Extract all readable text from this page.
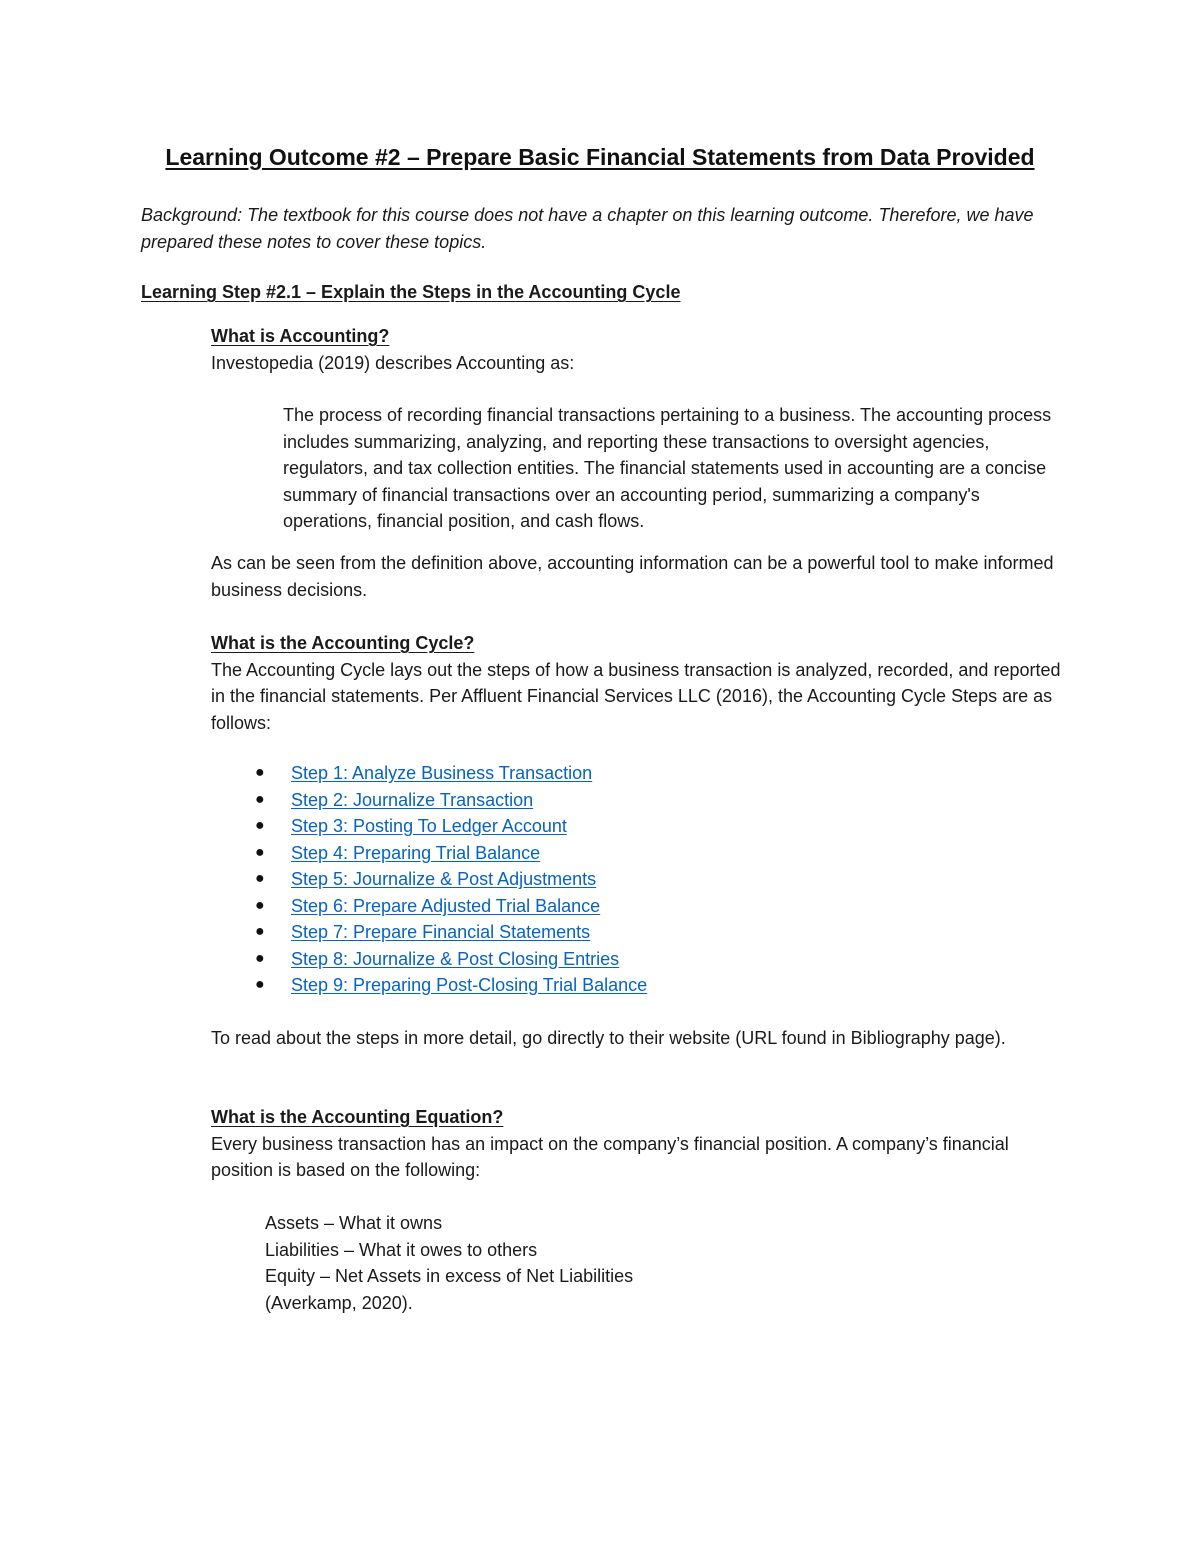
Learning Outcome #2 – Prepare Basic Financial Statements from Data Provided
Background: The textbook for this course does not have a chapter on this learning outcome. Therefore, we have prepared these notes to cover these topics.
Learning Step #2.1 – Explain the Steps in the Accounting Cycle
What is Accounting?
Investopedia (2019) describes Accounting as:
The process of recording financial transactions pertaining to a business. The accounting process includes summarizing, analyzing, and reporting these transactions to oversight agencies, regulators, and tax collection entities. The financial statements used in accounting are a concise summary of financial transactions over an accounting period, summarizing a company's operations, financial position, and cash flows.
As can be seen from the definition above, accounting information can be a powerful tool to make informed business decisions.
What is the Accounting Cycle?
The Accounting Cycle lays out the steps of how a business transaction is analyzed, recorded, and reported in the financial statements. Per Affluent Financial Services LLC (2016), the Accounting Cycle Steps are as follows:
● Step 1: Analyze Business Transaction
● Step 2: Journalize Transaction
● Step 3: Posting To Ledger Account
● Step 4: Preparing Trial Balance
● Step 5: Journalize & Post Adjustments
● Step 6: Prepare Adjusted Trial Balance
● Step 7: Prepare Financial Statements
● Step 8: Journalize & Post Closing Entries
● Step 9: Preparing Post-Closing Trial Balance
To read about the steps in more detail, go directly to their website (URL found in Bibliography page).
What is the Accounting Equation?
Every business transaction has an impact on the company’s financial position. A company’s financial position is based on the following:
Assets – What it owns
Liabilities – What it owes to others
Equity – Net Assets in excess of Net Liabilities
(Averkamp, 2020).
